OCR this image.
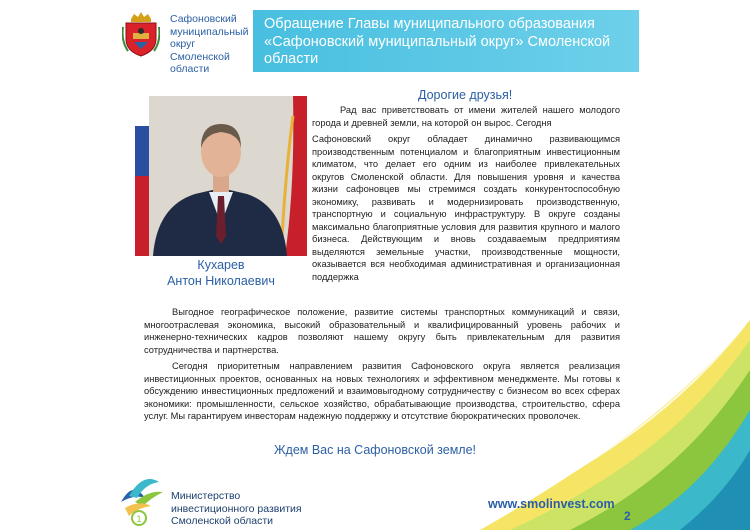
Сафоновский
муниципальный
округ
Смоленской
области
Обращение Главы муниципального образования
«Сафоновский муниципальный округ» Смоленской
области
Кухарев
Антон Николаевич
Дорогие друзья!
Рад вас приветствовать от имени жителей нашего молодого города и древней земли, на которой он вырос. Сегодня
Сафоновский округ обладает динамично развивающимся производственным потенциалом и благоприятным инвестиционным климатом, что делает его одним из наиболее привлекательных округов Смоленской области. Для повышения уровня и качества жизни сафоновцев мы стремимся создать конкурентоспособную экономику, развивать и модернизировать производственную, транспортную и социальную инфраструктуру. В округе созданы максимально благоприятные условия для развития крупного и малого бизнеса. Действующим и вновь создаваемым предприятиям выделяются земельные участки, производственные мощности, оказывается вся необходимая административная и организационная поддержка
Выгодное географическое положение, развитие системы транспортных коммуникаций и связи, многоотраслевая экономика, высокий образовательный и квалифицированный уровень рабочих и инженерно-технических кадров позволяют нашему округу быть привлекательным для развития сотрудничества и партнерства.
Сегодня приоритетным направлением развития Сафоновского округа является реализация инвестиционных проектов, основанных на новых технологиях и эффективном менеджменте. Мы готовы к обсуждению инвестиционных предложений и взаимовыгодному сотрудничеству с бизнесом во всех сферах экономики: промышленности, сельское хозяйство, обрабатывающие производства, строительство, сфера услуг. Мы гарантируем инвесторам надежную поддержку и отсутствие бюрократических проволочек.
Ждем Вас на Сафоновской земле!
1
Министерство
инвестиционного развития
Смоленской области
www.smolinvest.com
2
